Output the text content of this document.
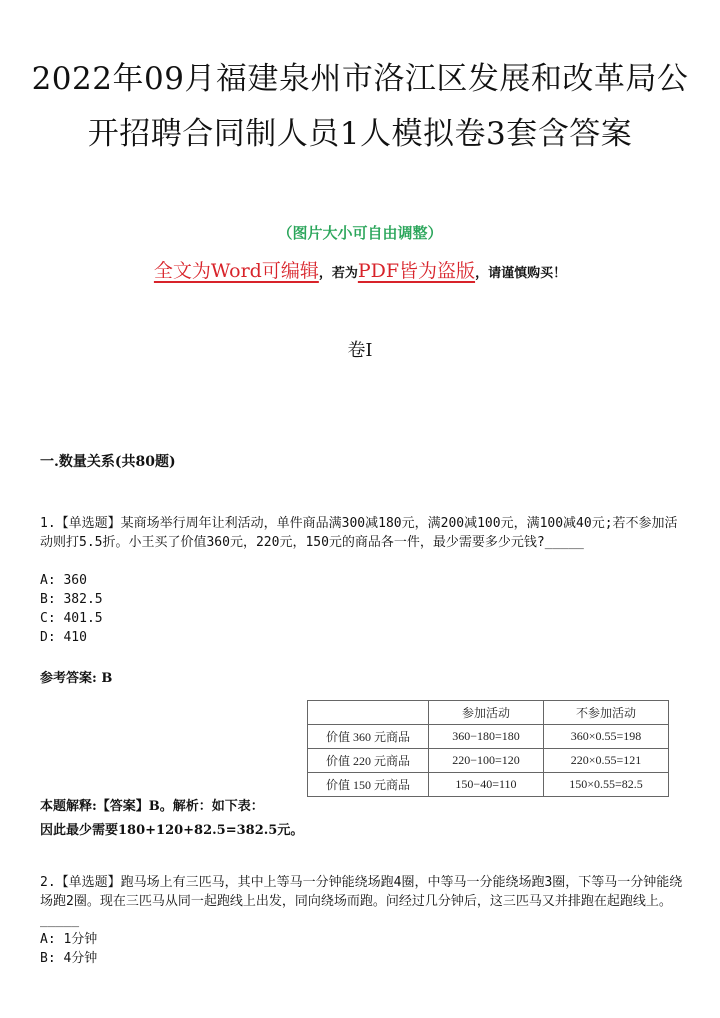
2022年09月福建泉州市洛江区发展和改革局公开招聘合同制人员1人模拟卷3套含答案
（图片大小可自由调整）
全文为Word可编辑，若为PDF皆为盗版，请谨慎购买！
卷I
一.数量关系(共80题)
1.【单选题】某商场举行周年让利活动，单件商品满300减180元，满200减100元，满100减40元;若不参加活动则打5.5折。小王买了价值360元，220元，150元的商品各一件，最少需要多少元钱?_____
A: 360
B: 382.5
C: 401.5
D: 410
参考答案: B
	参加活动	不参加活动
价值 360 元商品	360−180=180	360×0.55=198
价值 220 元商品	220−100=120	220×0.55=121
价值 150 元商品	150−40=110	150×0.55=82.5
本题解释:【答案】B。解析：如下表：
因此最少需要180+120+82.5=382.5元。
2.【单选题】跑马场上有三匹马，其中上等马一分钟能绕场跑4圈，中等马一分能绕场跑3圈，下等马一分钟能绕场跑2圈。现在三匹马从同一起跑线上出发，同向绕场而跑。问经过几分钟后，这三匹马又并排跑在起跑线上。_____
A: 1分钟
B: 4分钟
